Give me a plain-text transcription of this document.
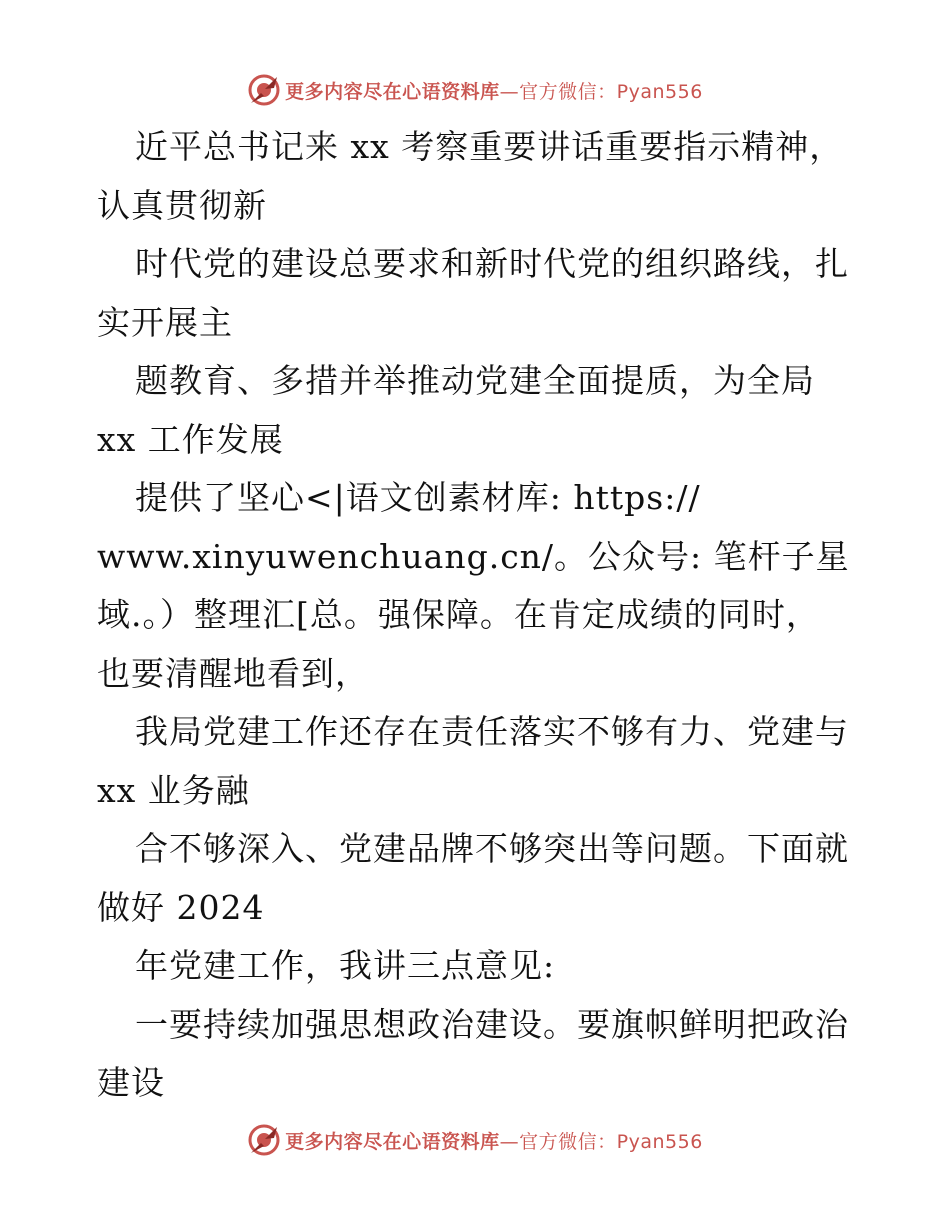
更多内容尽在心语资料库—官方微信：Pyan556
近平总书记来 xx 考察重要讲话重要指示精神，
认真贯彻新
时代党的建设总要求和新时代党的组织路线，扎
实开展主
题教育、多措并举推动党建全面提质，为全局
xx 工作发展
提供了坚心<|语文创素材库: https://
www.xinyuwenchuang.cn/。公众号: 笔杆子星
域.。）整理汇[总。强保障。在肯定成绩的同时，
也要清醒地看到，
我局党建工作还存在责任落实不够有力、党建与
xx 业务融
合不够深入、党建品牌不够突出等问题。下面就
做好 2024
年党建工作，我讲三点意见:
一要持续加强思想政治建设。要旗帜鲜明把政治
建设
更多内容尽在心语资料库—官方微信：Pyan556
